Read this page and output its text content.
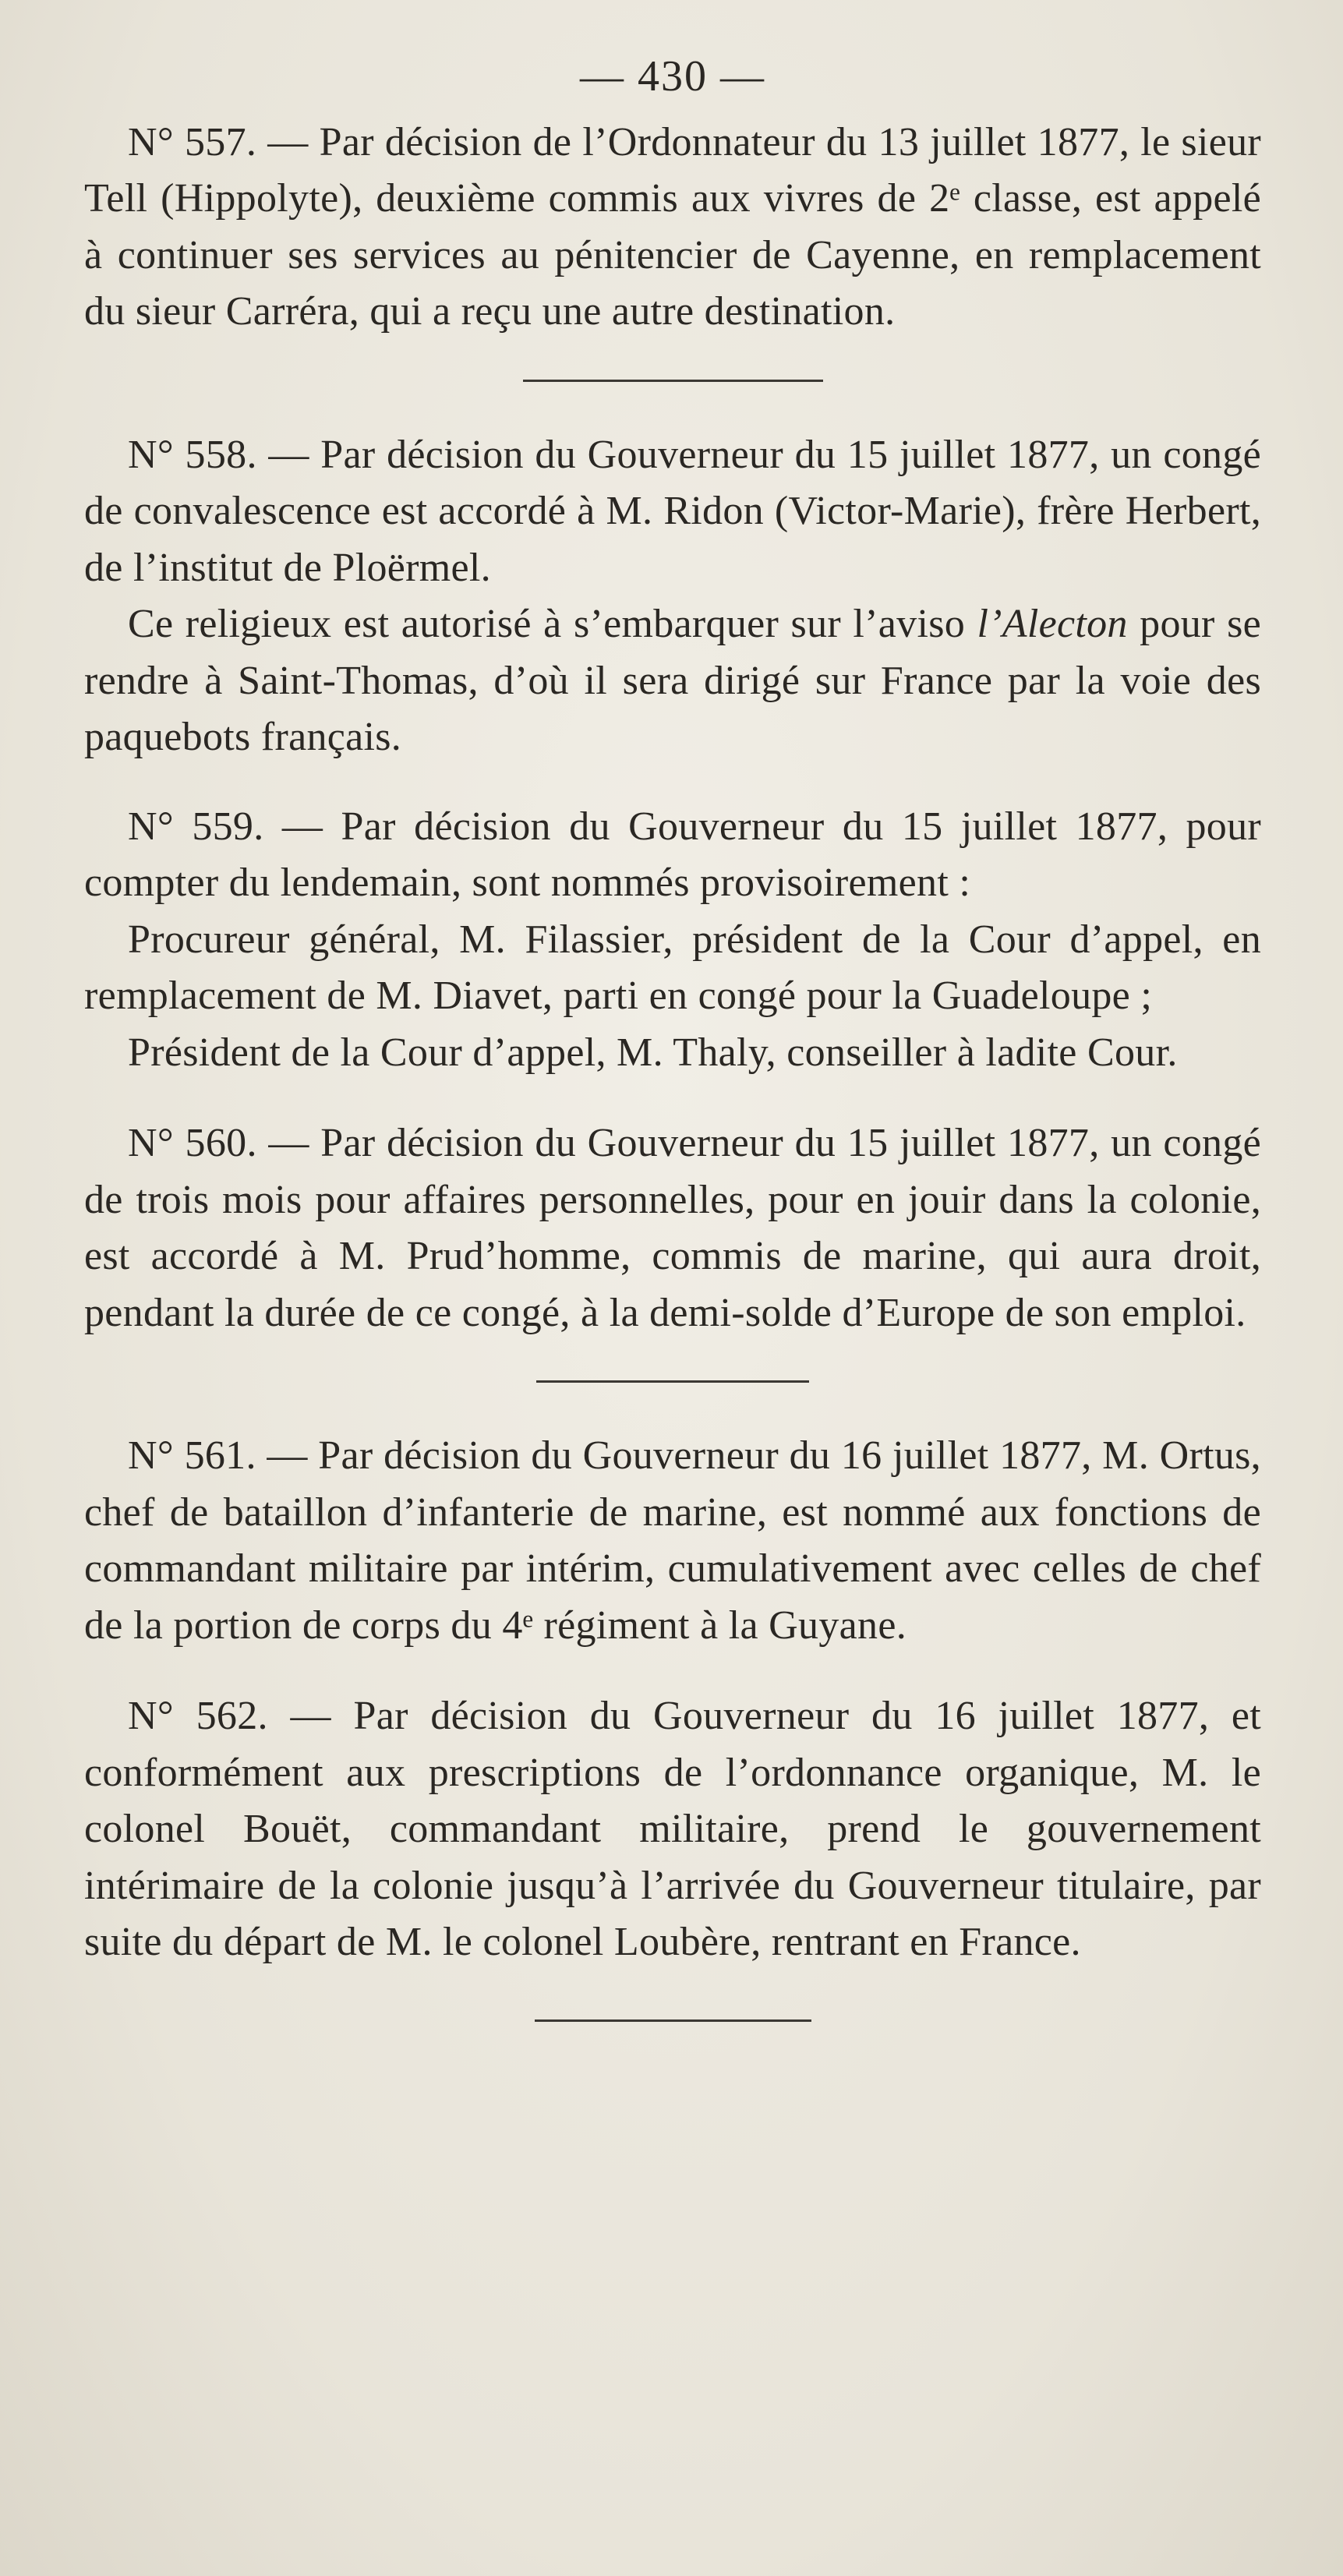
— 430 —

N° 557. — Par décision de l’Ordonnateur du 13 juillet 1877, le sieur Tell (Hippolyte), deuxième commis aux vivres de 2ᵉ classe, est appelé à continuer ses services au pénitencier de Cayenne, en remplacement du sieur Carréra, qui a reçu une autre destination.

N° 558. — Par décision du Gouverneur du 15 juillet 1877, un congé de convalescence est accordé à M. Ridon (Victor-Marie), frère Herbert, de l’institut de Ploërmel.

Ce religieux est autorisé à s’embarquer sur l’aviso l’Alecton pour se rendre à Saint-Thomas, d’où il sera dirigé sur France par la voie des paquebots français.

N° 559. — Par décision du Gouverneur du 15 juillet 1877, pour compter du lendemain, sont nommés provisoirement :

Procureur général, M. Filassier, président de la Cour d’appel, en remplacement de M. Diavet, parti en congé pour la Guadeloupe ;

Président de la Cour d’appel, M. Thaly, conseiller à ladite Cour.

N° 560. — Par décision du Gouverneur du 15 juillet 1877, un congé de trois mois pour affaires personnelles, pour en jouir dans la colonie, est accordé à M. Prud’homme, commis de marine, qui aura droit, pendant la durée de ce congé, à la demi-solde d’Europe de son emploi.

N° 561. — Par décision du Gouverneur du 16 juillet 1877, M. Ortus, chef de bataillon d’infanterie de marine, est nommé aux fonctions de commandant militaire par intérim, cumulativement avec celles de chef de la portion de corps du 4ᵉ régiment à la Guyane.

N° 562. — Par décision du Gouverneur du 16 juillet 1877, et conformément aux prescriptions de l’ordonnance organique, M. le colonel Bouët, commandant militaire, prend le gouvernement intérimaire de la colonie jusqu’à l’arrivée du Gouverneur titulaire, par suite du départ de M. le colonel Loubère, rentrant en France.
